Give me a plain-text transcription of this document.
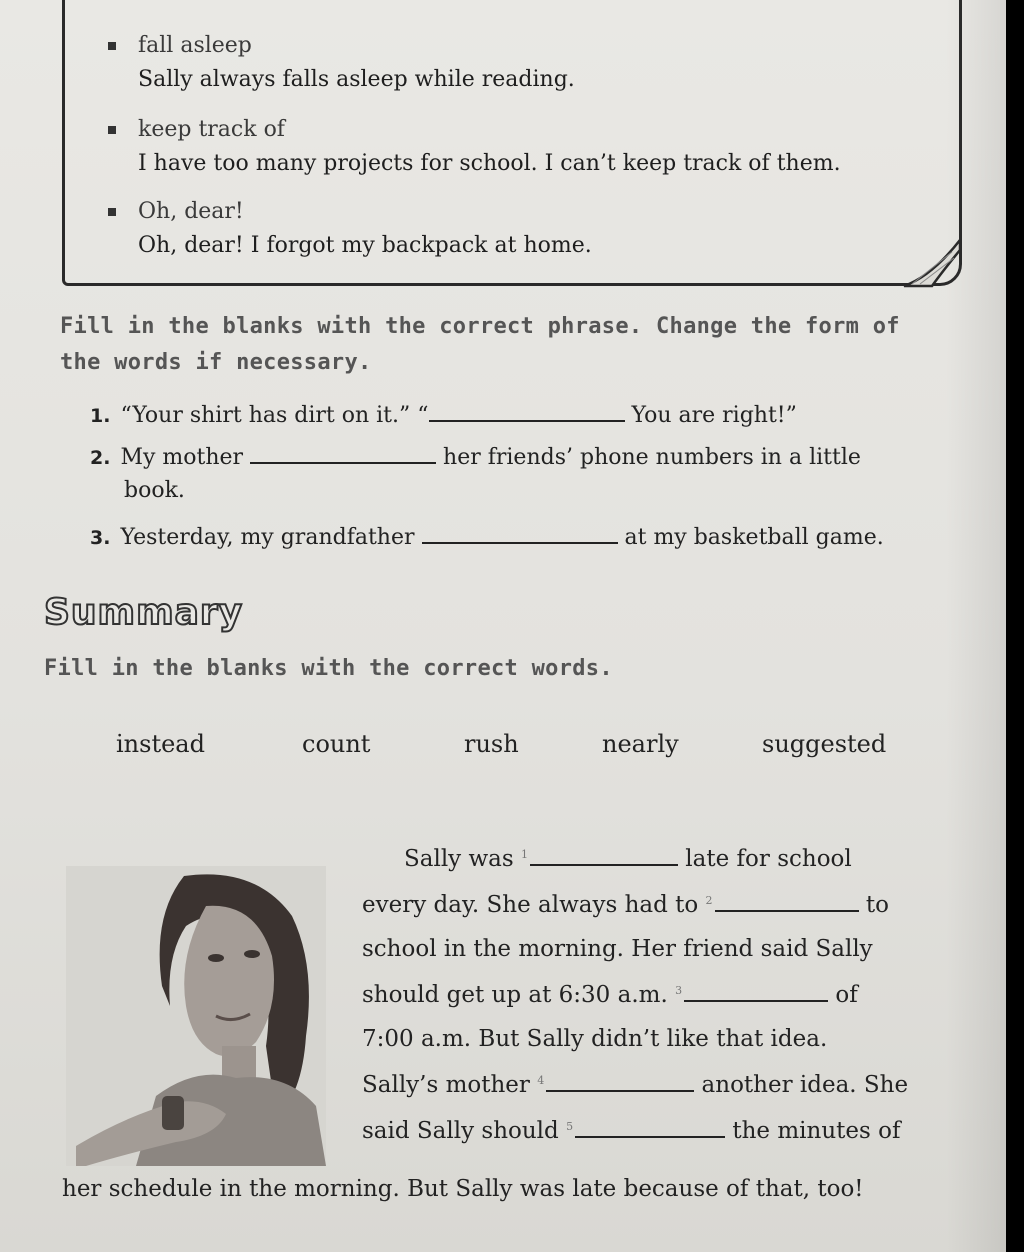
fall asleep
Sally always falls asleep while reading.
keep track of
I have too many projects for school. I can’t keep track of them.
Oh, dear!
Oh, dear! I forgot my backpack at home.
Fill in the blanks with the correct phrase. Change the form of
the words if necessary.
1. “Your shirt has dirt on it.” “	You are right!”
2. My mother	her friends’ phone numbers in a little
book.
3. Yesterday, my grandfather	at my basketball game.
Summary
Fill in the blanks with the correct words.
instead	count	rush	nearly	suggested
Sally was $^1$	late for school
every day. She always had to $^2$	to
school in the morning. Her friend said Sally
should get up at 6:30 a.m. $^3$	of
7:00 a.m. But Sally didn’t like that idea.
Sally’s mother $^4$	another idea. She
said Sally should $^5$	the minutes of
her schedule in the morning. But Sally was late because of that, too!
